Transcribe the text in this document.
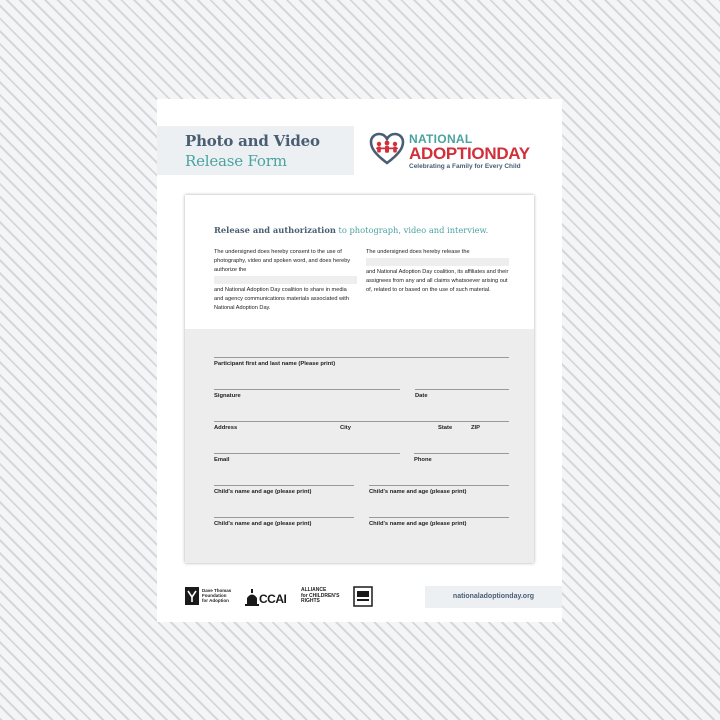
Photo and Video
Release Form
NATIONAL
ADOPTIONDAY
Celebrating a Family for Every Child
Release and authorization to photograph, video and interview.
The undersigned does hereby consent to the use of photography, video and spoken word, and does hereby authorize the
and National Adoption Day coalition to share in media and agency communications materials associated with National Adoption Day.
The undersigned does hereby release the
and National Adoption Day coalition, its affiliates and their assignees from any and all claims whatsoever arising out of, related to or based on the use of such material.
Participant first and last name (Please print)
Signature	Date
Address	City	State	ZIP
Email	Phone
Child's name and age (please print)	Child's name and age (please print)
Child's name and age (please print)	Child's name and age (please print)
Dave Thomas
Foundation
for Adoption	CCAI
ALLIANCE
for CHILDREN'S
RIGHTS
nationaladoptionday.org
